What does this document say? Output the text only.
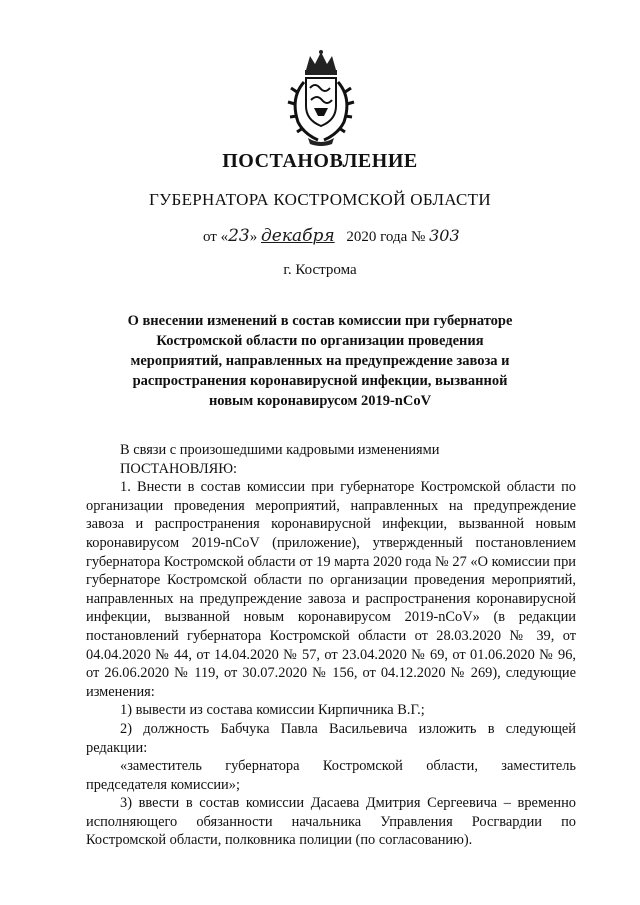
ПОСТАНОВЛЕНИЕ
ГУБЕРНАТОРА КОСТРОМСКОЙ ОБЛАСТИ
от «23» декабря 2020 года № 303
г. Кострома
О внесении изменений в состав комиссии при губернаторе Костромской области по организации проведения мероприятий, направленных на предупреждение завоза и распространения коронавирусной инфекции, вызванной новым коронавирусом 2019-nCoV

В связи с произошедшими кадровыми изменениями

ПОСТАНОВЛЯЮ:

1. Внести в состав комиссии при губернаторе Костромской области по организации проведения мероприятий, направленных на предупреждение завоза и распространения коронавирусной инфекции, вызванной новым коронавирусом 2019-nCoV (приложение), утвержденный постановлением губернатора Костромской области от 19 марта 2020 года № 27 «О комиссии при губернаторе Костромской области по организации проведения мероприятий, направленных на предупреждение завоза и распространения коронавирусной инфекции, вызванной новым коронавирусом 2019-nCoV» (в редакции постановлений губернатора Костромской области от 28.03.2020 № 39, от 04.04.2020 № 44, от 14.04.2020 № 57, от 23.04.2020 № 69, от 01.06.2020 № 96, от 26.06.2020 № 119, от 30.07.2020 № 156, от 04.12.2020 № 269), следующие изменения:

1) вывести из состава комиссии Кирпичника В.Г.;

2) должность Бабчука Павла Васильевича изложить в следующей редакции:

«заместитель губернатора Костромской области, заместитель председателя комиссии»;

3) ввести в состав комиссии Дасаева Дмитрия Сергеевича – временно исполняющего обязанности начальника Управления Росгвардии по Костромской области, полковника полиции (по согласованию).
